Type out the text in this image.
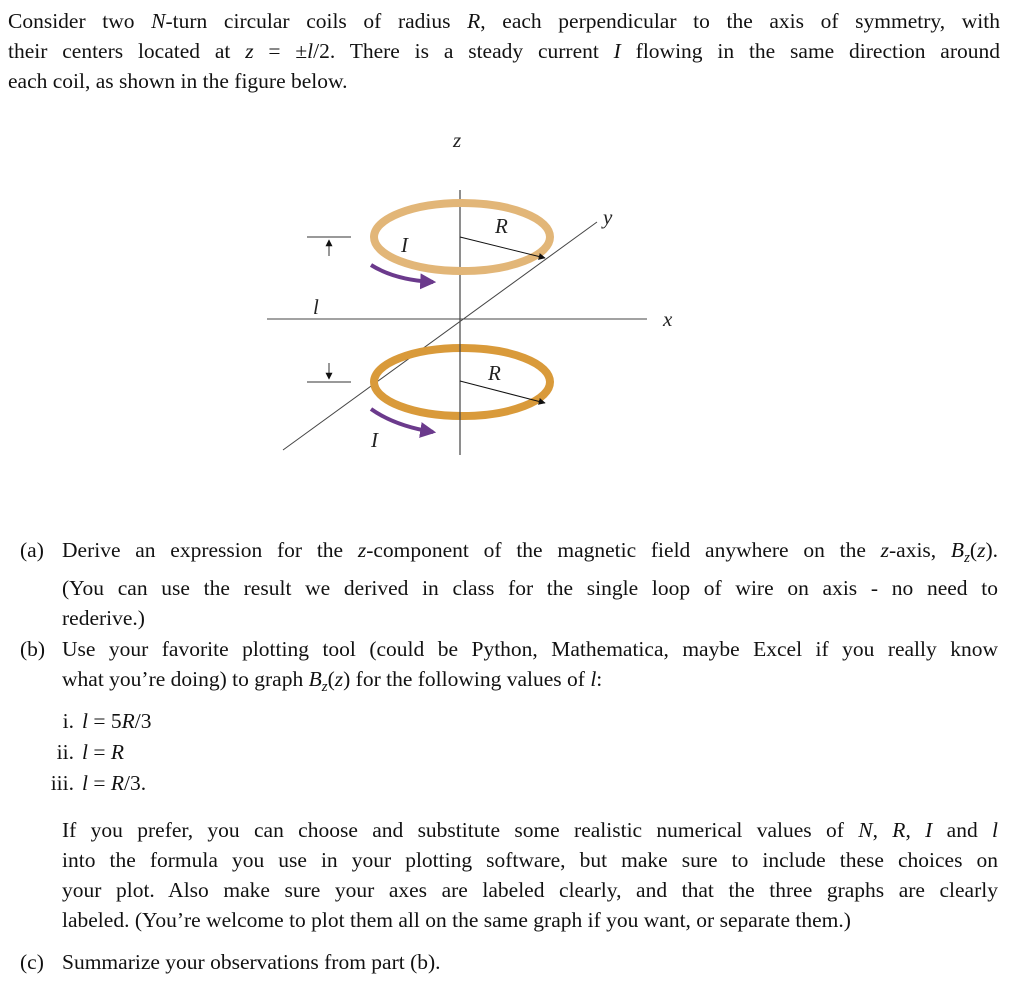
Consider two N-turn circular coils of radius R, each perpendicular to the axis of symmetry, with
their centers located at z = ±l/2. There is a steady current I flowing in the same direction around
each coil, as shown in the figure below.
z
y
x
R
R
I
I
l
(a) Derive an expression for the z-component of the magnetic field anywhere on the z-axis, $B_z(z)$.
(You can use the result we derived in class for the single loop of wire on axis - no need to
rederive.)
(b) Use your favorite plotting tool (could be Python, Mathematica, maybe Excel if you really know
what you’re doing) to graph $B_z(z)$ for the following values of l:
i. l = 5R/3
ii. l = R
iii. l = R/3.
If you prefer, you can choose and substitute some realistic numerical values of N, R, I and l
into the formula you use in your plotting software, but make sure to include these choices on
your plot. Also make sure your axes are labeled clearly, and that the three graphs are clearly
labeled. (You’re welcome to plot them all on the same graph if you want, or separate them.)
(c) Summarize your observations from part (b).
